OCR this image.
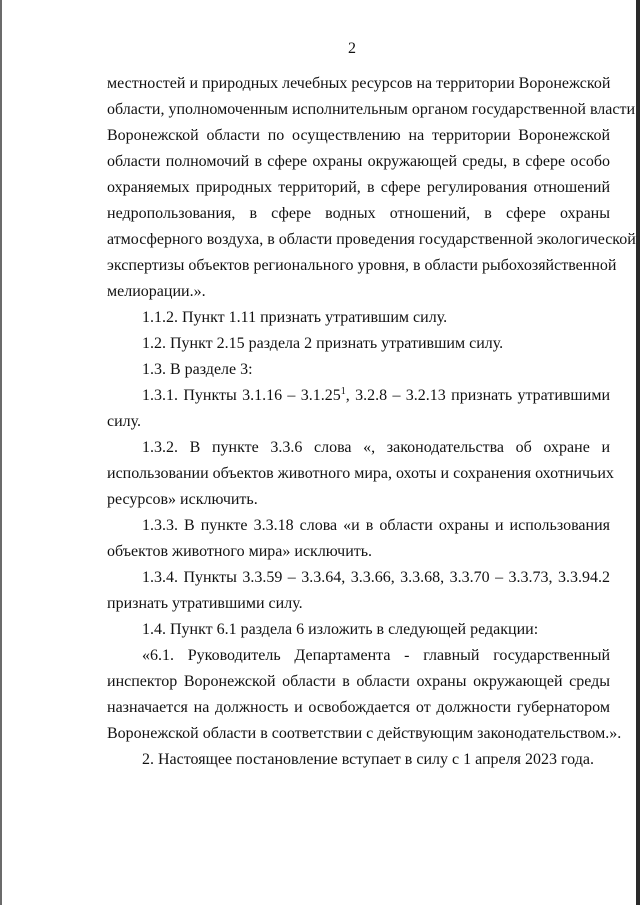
2
местностей и природных лечебных ресурсов на территории Воронежской
области, уполномоченным исполнительным органом государственной власти
Воронежской области по осуществлению на территории Воронежской
области полномочий в сфере охраны окружающей среды, в сфере особо
охраняемых природных территорий, в сфере регулирования отношений
недропользования, в сфере водных отношений, в сфере охраны
атмосферного воздуха, в области проведения государственной экологической
экспертизы объектов регионального уровня, в области рыбохозяйственной
мелиорации.».
1.1.2. Пункт 1.11 признать утратившим силу.
1.2. Пункт 2.15 раздела 2 признать утратившим силу.
1.3. В разделе 3:
1.3.1. Пункты 3.1.16 – 3.1.25$^1$, 3.2.8 – 3.2.13 признать утратившими
силу.
1.3.2. В пункте 3.3.6 слова «, законодательства об охране и
использовании объектов животного мира, охоты и сохранения охотничьих
ресурсов» исключить.
1.3.3. В пункте 3.3.18 слова «и в области охраны и использования
объектов животного мира» исключить.
1.3.4. Пункты 3.3.59 – 3.3.64, 3.3.66, 3.3.68, 3.3.70 – 3.3.73, 3.3.94.2
признать утратившими силу.
1.4. Пункт 6.1 раздела 6 изложить в следующей редакции:
«6.1. Руководитель Департамента - главный государственный
инспектор Воронежской области в области охраны окружающей среды
назначается на должность и освобождается от должности губернатором
Воронежской области в соответствии с действующим законодательством.».
2. Настоящее постановление вступает в силу с 1 апреля 2023 года.
